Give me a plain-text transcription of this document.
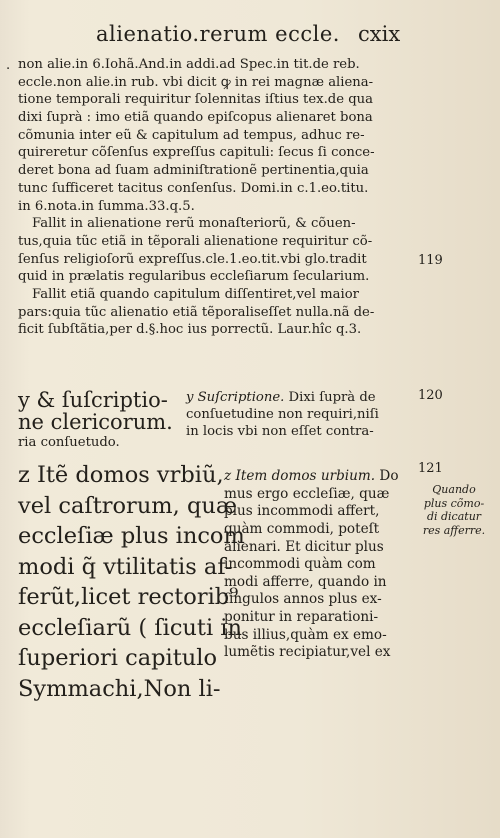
alienatio.rerum eccle. cxix
. non alie.in 6.Iohã.And.in addi.ad Spec.in tit.de reb.
eccle.non alie.in rub. vbi dicit ꝙ in rei magnæ aliena-
tione temporali requiritur ſolennitas iſtius tex.de qua
dixi ſuprà : imo etiã quando epiſcopus alienaret bona
cõmunia inter eũ & capitulum ad tempus, adhuc re-
quireretur cõſenſus expreſſus capituli: ſecus ſi conce-
deret bona ad ſuam adminiſtrationẽ pertinentia,quia
tunc ſufficeret tacitus conſenſus. Domi.in c.1.eo.titu.
in 6.nota.in ſumma.33.q.5.
Fallit in alienatione rerũ monaſteriorũ, & cõuen-
tus,quia tũc etiã in tẽporali alienatione requiritur cõ-
ſenſus religioſorũ expreſſus.cle.1.eo.tit.vbi glo.tradit
quid in prælatis regularibus eccleſiarum ſecularium.
Fallit etiã quando capitulum diſſentiret,vel maior
pars:quia tũc alienatio etiã tẽporaliseſſet nulla.nã de-
ficit ſubſtãtia,per d.§.hoc ius porrectũ. Laur.hîc q.3.
119
120
121
y & ſuſcriptio-
ne clericorum.
y Suſcriptione. Dixi ſuprà de
conſuetudine non requiri,niſi
in locis vbi non eſſet contra-
ria conſuetudo.
z Itẽ domos vrbiũ,
vel caſtrorum, quæ
eccleſiæ plus incom
modi q̃ vtilitatis af-
ferũt,licet rectorib⁹
eccleſiarũ ( ſicuti in
ſuperiori capitulo
Symmachi,Non li-
z Item domos urbium. Do
mus ergo eccleſiæ, quæ
plus incommodi affert,
quàm commodi, poteſt
alienari. Et dicitur plus
incommodi quàm com
modi afferre, quando in
ſingulos annos plus ex-
ponitur in reparationi-
bus illius,quàm ex emo-
lumẽtis recipiatur,vel ex
Quando
plus cõmo-
di dicatur
res afferre.
